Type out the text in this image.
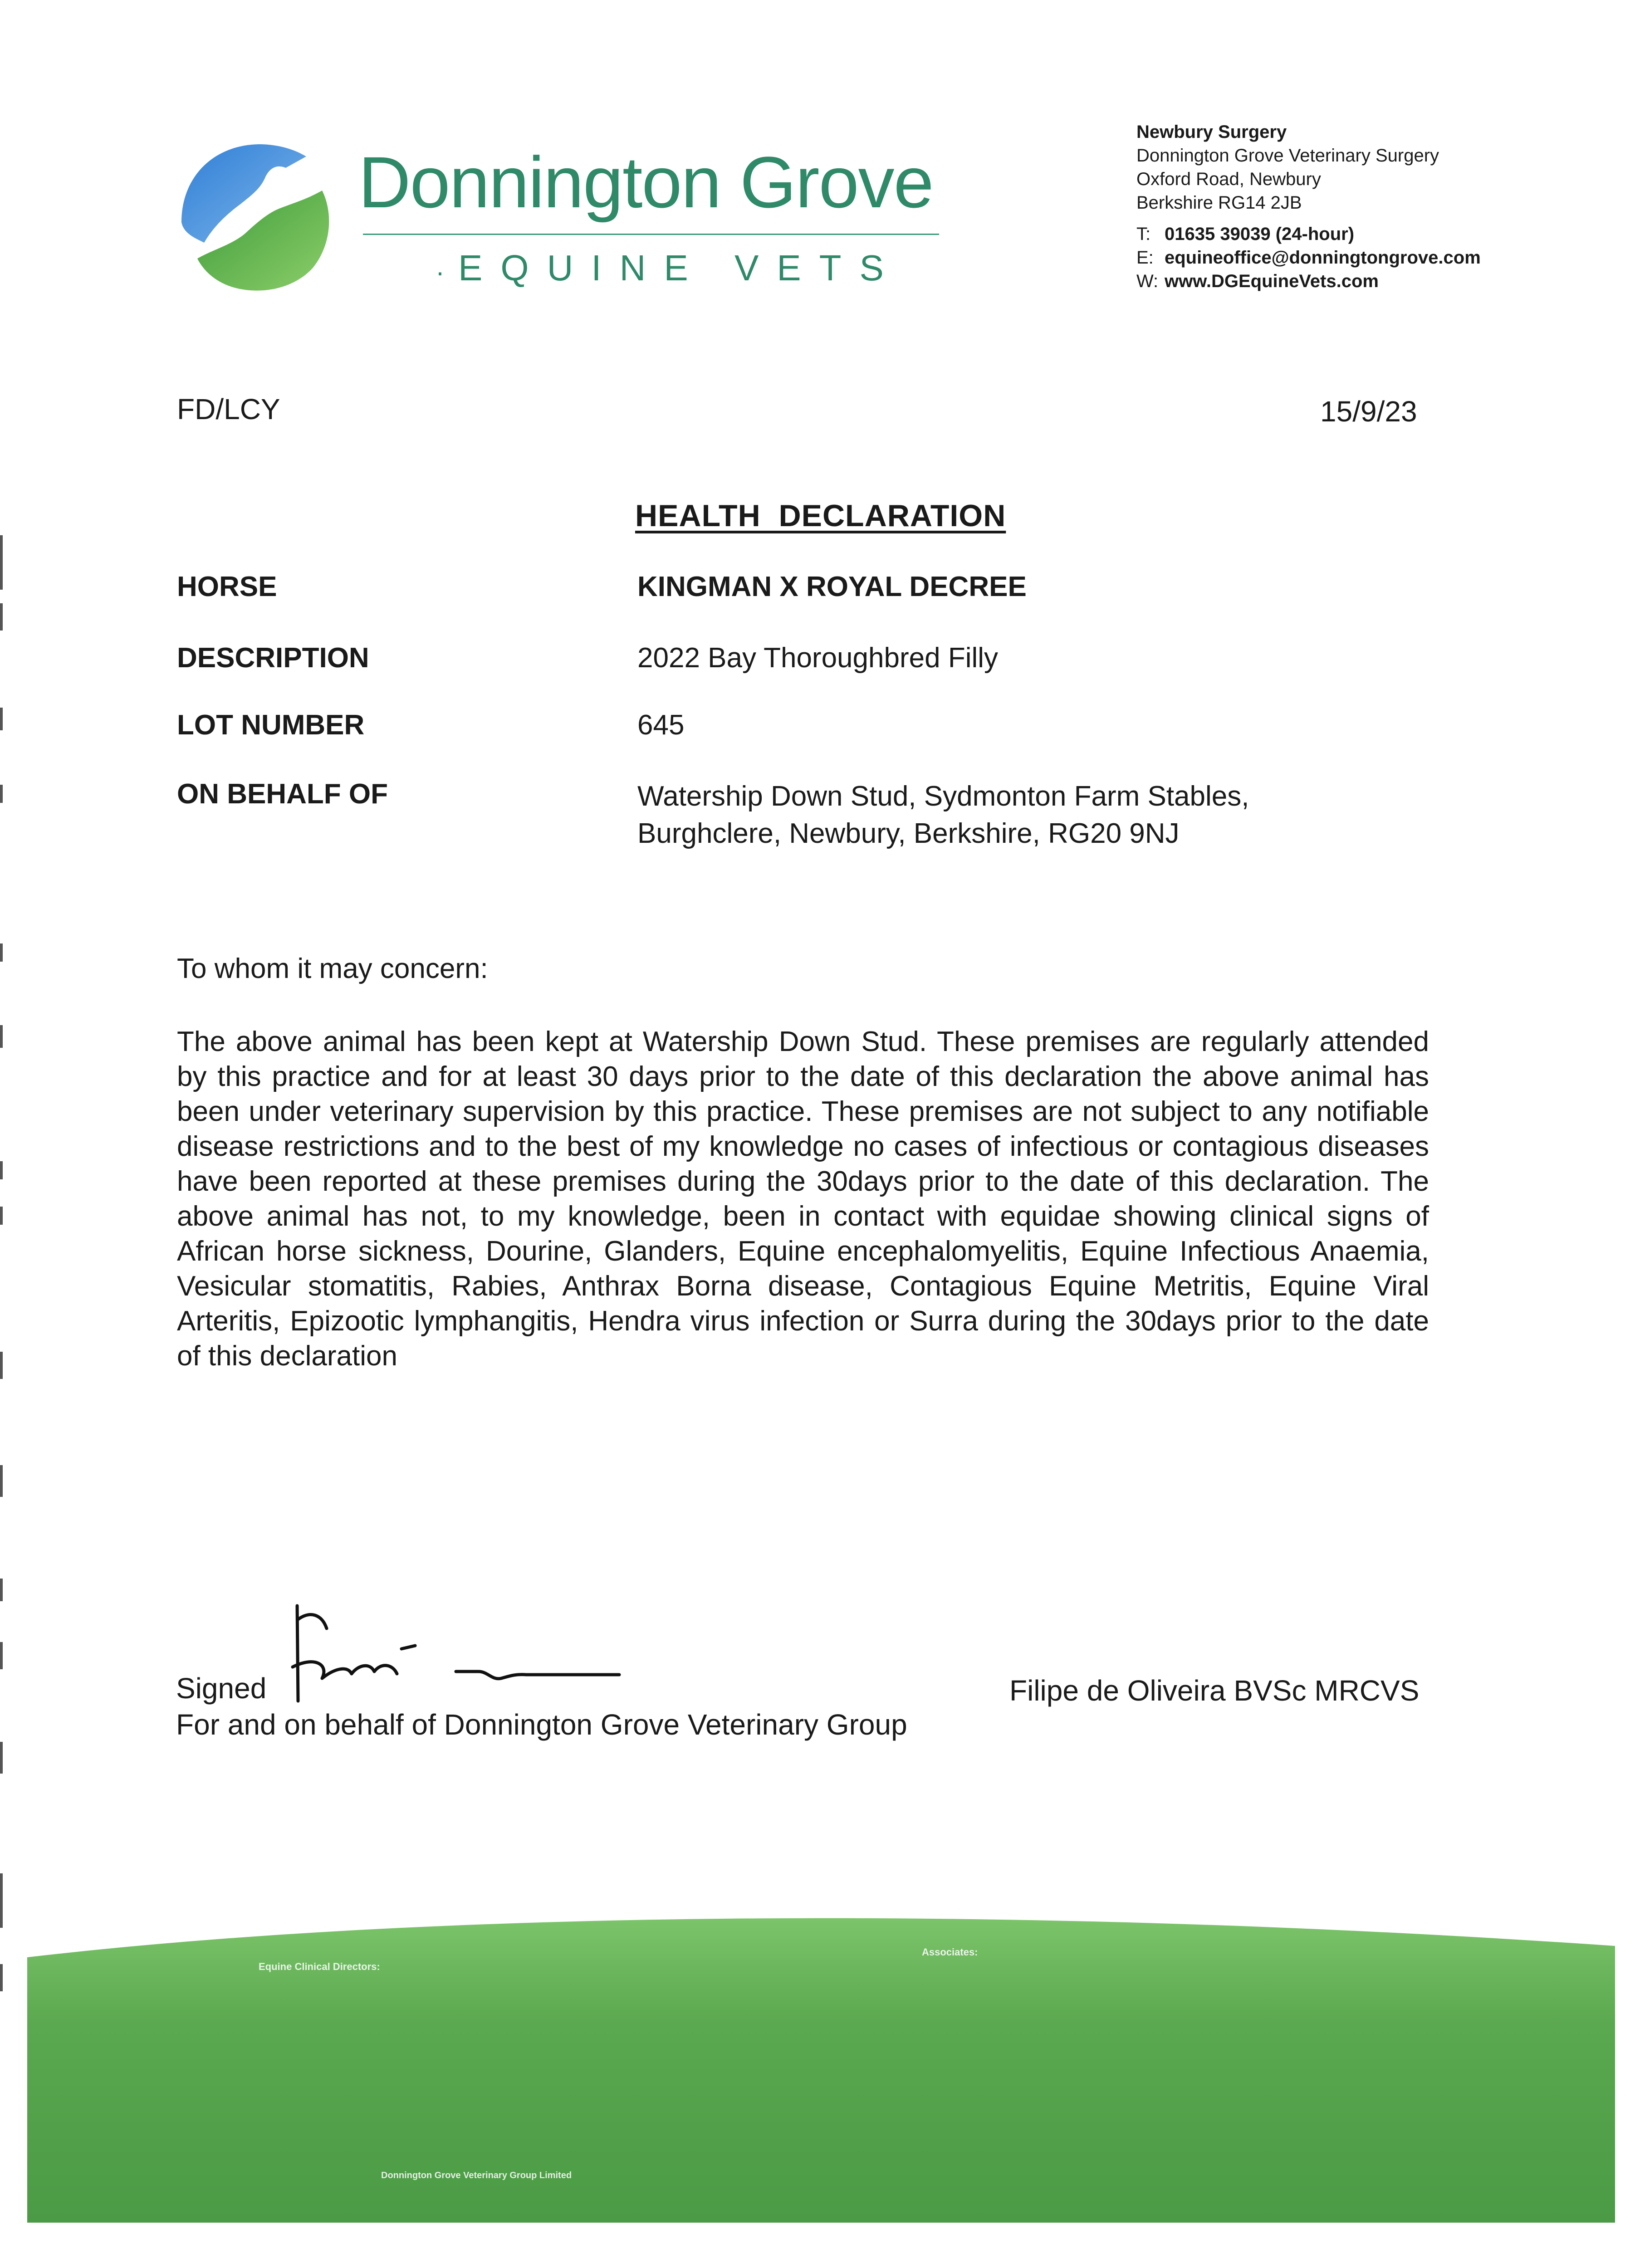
Donnington Grove
· EQUINE VETS
Newbury Surgery
Donnington Grove Veterinary Surgery
Oxford Road, Newbury
Berkshire RG14 2JB
T: 01635 39039 (24-hour)
E: equineoffice@donningtongrove.com
W: www.DGEquineVets.com
FD/LCY	15/9/23
HEALTH  DECLARATION
HORSE	KINGMAN X ROYAL DECREE
DESCRIPTION	2022 Bay Thoroughbred Filly
LOT NUMBER	645
ON BEHALF OF	Watership Down Stud, Sydmonton Farm Stables,
Burghclere, Newbury, Berkshire, RG20 9NJ
To whom it may concern:
The above animal has been kept at Watership Down Stud. These premises are regularly attended by this practice and for at least 30 days prior to the date of this declaration the above animal has been under veterinary supervision by this practice. These premises are not subject to any notifiable disease restrictions and to the best of my knowledge no cases of infectious or contagious diseases have been reported at these premises during the 30days prior to the date of this declaration. The above animal has not, to my knowledge, been in contact with equidae showing clinical signs of African horse sickness, Dourine, Glanders, Equine encephalomyelitis, Equine Infectious Anaemia, Vesicular stomatitis, Rabies, Anthrax Borna disease, Contagious Equine Metritis, Equine Viral Arteritis, Epizootic lymphangitis, Hendra virus infection or Surra during the 30days prior to the date of this declaration
Signed
For and on behalf of Donnington Grove Veterinary Group
Filipe de Oliveira BVSc MRCVS
Equine Clinical Directors:
Associates:
Donnington Grove Veterinary Group Limited
